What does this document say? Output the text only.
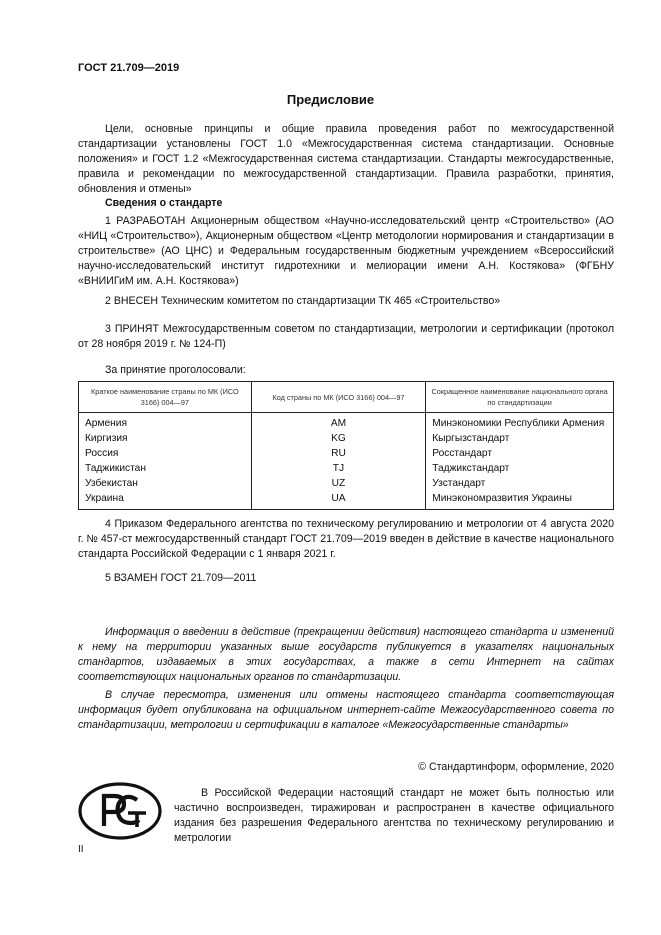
ГОСТ 21.709—2019
Предисловие
Цели, основные принципы и общие правила проведения работ по межгосударственной стандартизации установлены ГОСТ 1.0 «Межгосударственная система стандартизации. Основные положения» и ГОСТ 1.2 «Межгосударственная система стандартизации. Стандарты межгосударственные, правила и рекомендации по межгосударственной стандартизации. Правила разработки, принятия, обновления и отмены»
Сведения о стандарте
1 РАЗРАБОТАН Акционерным обществом «Научно-исследовательский центр «Строительство» (АО «НИЦ «Строительство»), Акционерным обществом «Центр методологии нормирования и стандартизации в строительстве» (АО ЦНС) и Федеральным государственным бюджетным учреждением «Всероссийский научно-исследовательский институт гидротехники и мелиорации имени А.Н. Костякова» (ФГБНУ «ВНИИГиМ им. А.Н. Костякова»)
2 ВНЕСЕН Техническим комитетом по стандартизации ТК 465 «Строительство»
3 ПРИНЯТ Межгосударственным советом по стандартизации, метрологии и сертификации (протокол от 28 ноября 2019 г. № 124-П)
За принятие проголосовали:
Краткое наименование страны по МК (ИСО 3166) 004—97	Код страны по МК (ИСО 3166) 004—97	Сокращенное наименование национального органа по стандартизации
Армения	AM	Минэкономики Республики Армения
Киргизия	KG	Кыргызстандарт
Россия	RU	Росстандарт
Таджикистан	TJ	Таджикстандарт
Узбекистан	UZ	Узстандарт
Украина	UA	Минэкономразвития Украины
4 Приказом Федерального агентства по техническому регулированию и метрологии от 4 августа 2020 г. № 457-ст межгосударственный стандарт ГОСТ 21.709—2019 введен в действие в качестве национального стандарта Российской Федерации с 1 января 2021 г.
5 ВЗАМЕН ГОСТ 21.709—2011
Информация о введении в действие (прекращении действия) настоящего стандарта и изменений к нему на территории указанных выше государств публикуется в указателях национальных стандартов, издаваемых в этих государствах, а также в сети Интернет на сайтах соответствующих национальных органов по стандартизации.
В случае пересмотра, изменения или отмены настоящего стандарта соответствующая информация будет опубликована на официальном интернет-сайте Межгосударственного совета по стандартизации, метрологии и сертификации в каталоге «Межгосударственные стандарты»
© Стандартинформ, оформление, 2020
В Российской Федерации настоящий стандарт не может быть полностью или частично воспроизведен, тиражирован и распространен в качестве официального издания без разрешения Федерального агентства по техническому регулированию и метрологии
II
